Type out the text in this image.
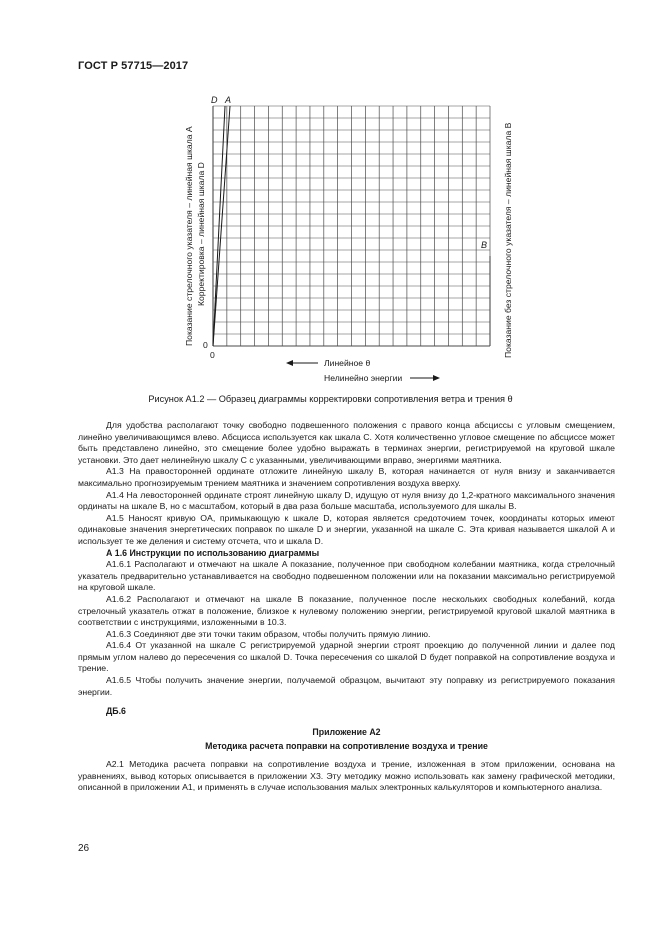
ГОСТ Р 57715—2017
D A
B
0
0
Показание стрелочного указателя – линейная шкала A Корректировка – линейная шкала D	Показание без стрелочного указателя – линейная шкала B
Линейное θ
Нелинейно энергии
Рисунок A1.2 — Образец диаграммы корректировки сопротивления ветра и трения θ

Для удобства располагают точку свободно подвешенного положения с правого конца абсциссы с угловым смещением, линейно увеличивающимся влево. Абсцисса используется как шкала C. Хотя количественно угловое смещение по абсциссе может быть представлено линейно, это смещение более удобно выражать в терминах энергии, регистрируемой на круговой шкале установки. Это дает нелинейную шкалу C с указанными, увеличивающими вправо, энергиями маятника.

А1.3 На правосторонней ординате отложите линейную шкалу B, которая начинается от нуля внизу и заканчивается максимально прогнозируемым трением маятника и значением сопротивления воздуха вверху.

А1.4 На левосторонней ординате строят линейную шкалу D, идущую от нуля внизу до 1,2-кратного максимального значения ординаты на шкале B, но с масштабом, который в два раза больше масштаба, используемого для шкалы B.

А1.5 Наносят кривую OA, примыкающую к шкале D, которая является средоточием точек, координаты которых имеют одинаковые значения энергетических поправок по шкале D и энергии, указанной на шкале C. Эта кривая называется шкалой A и использует те же деления и систему отсчета, что и шкала D.

А 1.6 Инструкции по использованию диаграммы

А1.6.1 Располагают и отмечают на шкале A показание, полученное при свободном колебании маятника, когда стрелочный указатель предварительно устанавливается на свободно подвешенном положении или на показании максимально регистрируемой на круговой шкале.

А1.6.2 Располагают и отмечают на шкале B показание, полученное после нескольких свободных колебаний, когда стрелочный указатель отжат в положение, близкое к нулевому положению энергии, регистрируемой круговой шкалой маятника в соответствии с инструкциями, изложенными в 10.3.

А1.6.3 Соединяют две эти точки таким образом, чтобы получить прямую линию.

А1.6.4 От указанной на шкале C регистрируемой ударной энергии строят проекцию до полученной линии и далее под прямым углом налево до пересечения со шкалой D. Точка пересечения со шкалой D будет поправкой на сопротивление воздуха и трение.

А1.6.5 Чтобы получить значение энергии, получаемой образцом, вычитают эту поправку из регистрируемого показания энергии.

ДБ.6
Приложение А2
Методика расчета поправки на сопротивление воздуха и трение

А2.1 Методика расчета поправки на сопротивление воздуха и трение, изложенная в этом приложении, основана на уравнениях, вывод которых описывается в приложении Х3. Эту методику можно использовать как замену графической методики, описанной в приложении А1, и применять в случае использования малых электронных калькуляторов и компьютерного анализа.

26
